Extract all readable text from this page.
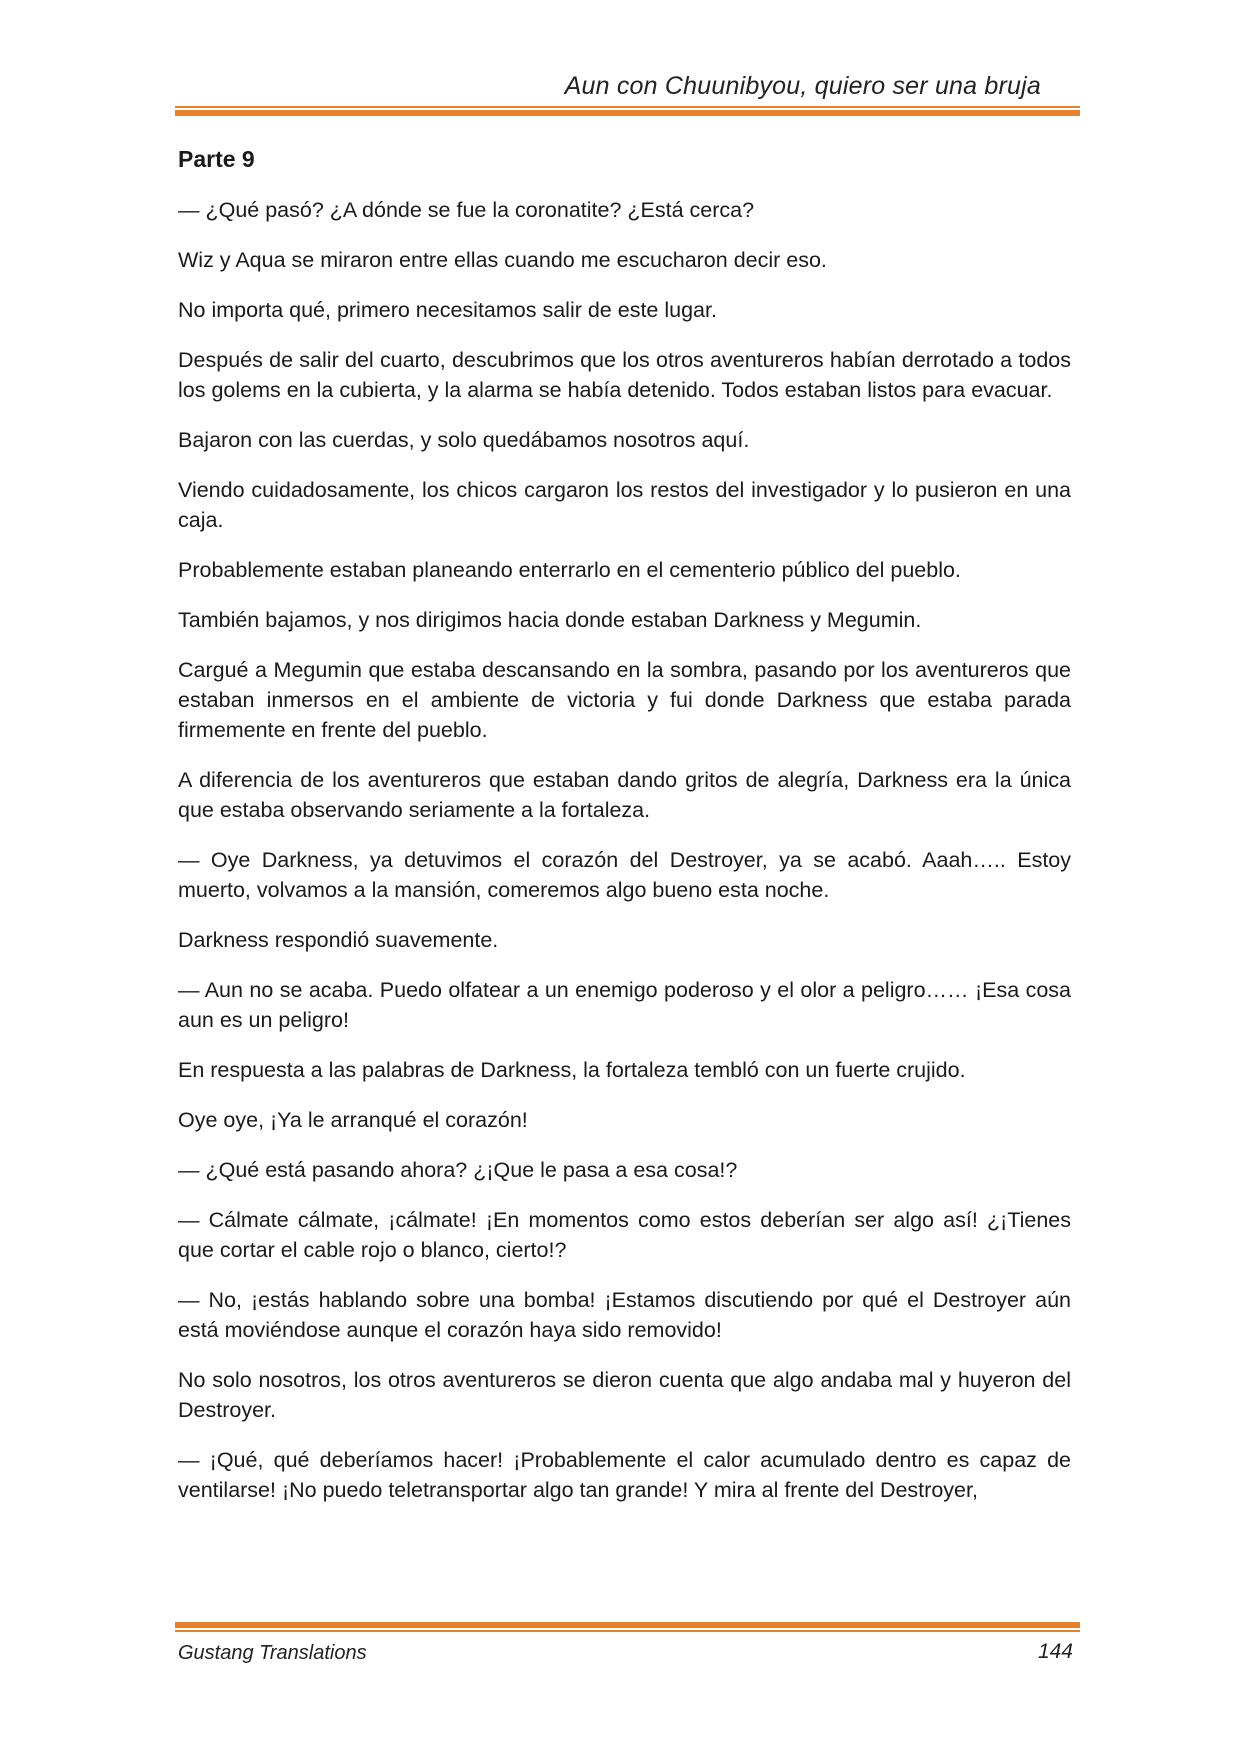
Aun con Chuunibyou, quiero ser una bruja
Parte 9

— ¿Qué pasó? ¿A dónde se fue la coronatite? ¿Está cerca?

Wiz y Aqua se miraron entre ellas cuando me escucharon decir eso.

No importa qué, primero necesitamos salir de este lugar.

Después de salir del cuarto, descubrimos que los otros aventureros habían derrotado a todos los golems en la cubierta, y la alarma se había detenido. Todos estaban listos para evacuar.

Bajaron con las cuerdas, y solo quedábamos nosotros aquí.

Viendo cuidadosamente, los chicos cargaron los restos del investigador y lo pusieron en una caja.

Probablemente estaban planeando enterrarlo en el cementerio público del pueblo.

También bajamos, y nos dirigimos hacia donde estaban Darkness y Megumin.

Cargué a Megumin que estaba descansando en la sombra, pasando por los aventureros que estaban inmersos en el ambiente de victoria y fui donde Darkness que estaba parada firmemente en frente del pueblo.

A diferencia de los aventureros que estaban dando gritos de alegría, Darkness era la única que estaba observando seriamente a la fortaleza.

— Oye Darkness, ya detuvimos el corazón del Destroyer, ya se acabó. Aaah….. Estoy muerto, volvamos a la mansión, comeremos algo bueno esta noche.

Darkness respondió suavemente.

— Aun no se acaba. Puedo olfatear a un enemigo poderoso y el olor a peligro…… ¡Esa cosa aun es un peligro!

En respuesta a las palabras de Darkness, la fortaleza tembló con un fuerte crujido.

Oye oye, ¡Ya le arranqué el corazón!

— ¿Qué está pasando ahora? ¿¡Que le pasa a esa cosa!?

— Cálmate cálmate, ¡cálmate! ¡En momentos como estos deberían ser algo así! ¿¡Tienes que cortar el cable rojo o blanco, cierto!?

— No, ¡estás hablando sobre una bomba! ¡Estamos discutiendo por qué el Destroyer aún está moviéndose aunque el corazón haya sido removido!

No solo nosotros, los otros aventureros se dieron cuenta que algo andaba mal y huyeron del Destroyer.

— ¡Qué, qué deberíamos hacer! ¡Probablemente el calor acumulado dentro es capaz de ventilarse! ¡No puedo teletransportar algo tan grande! Y mira al frente del Destroyer,

Gustang Translations	144
